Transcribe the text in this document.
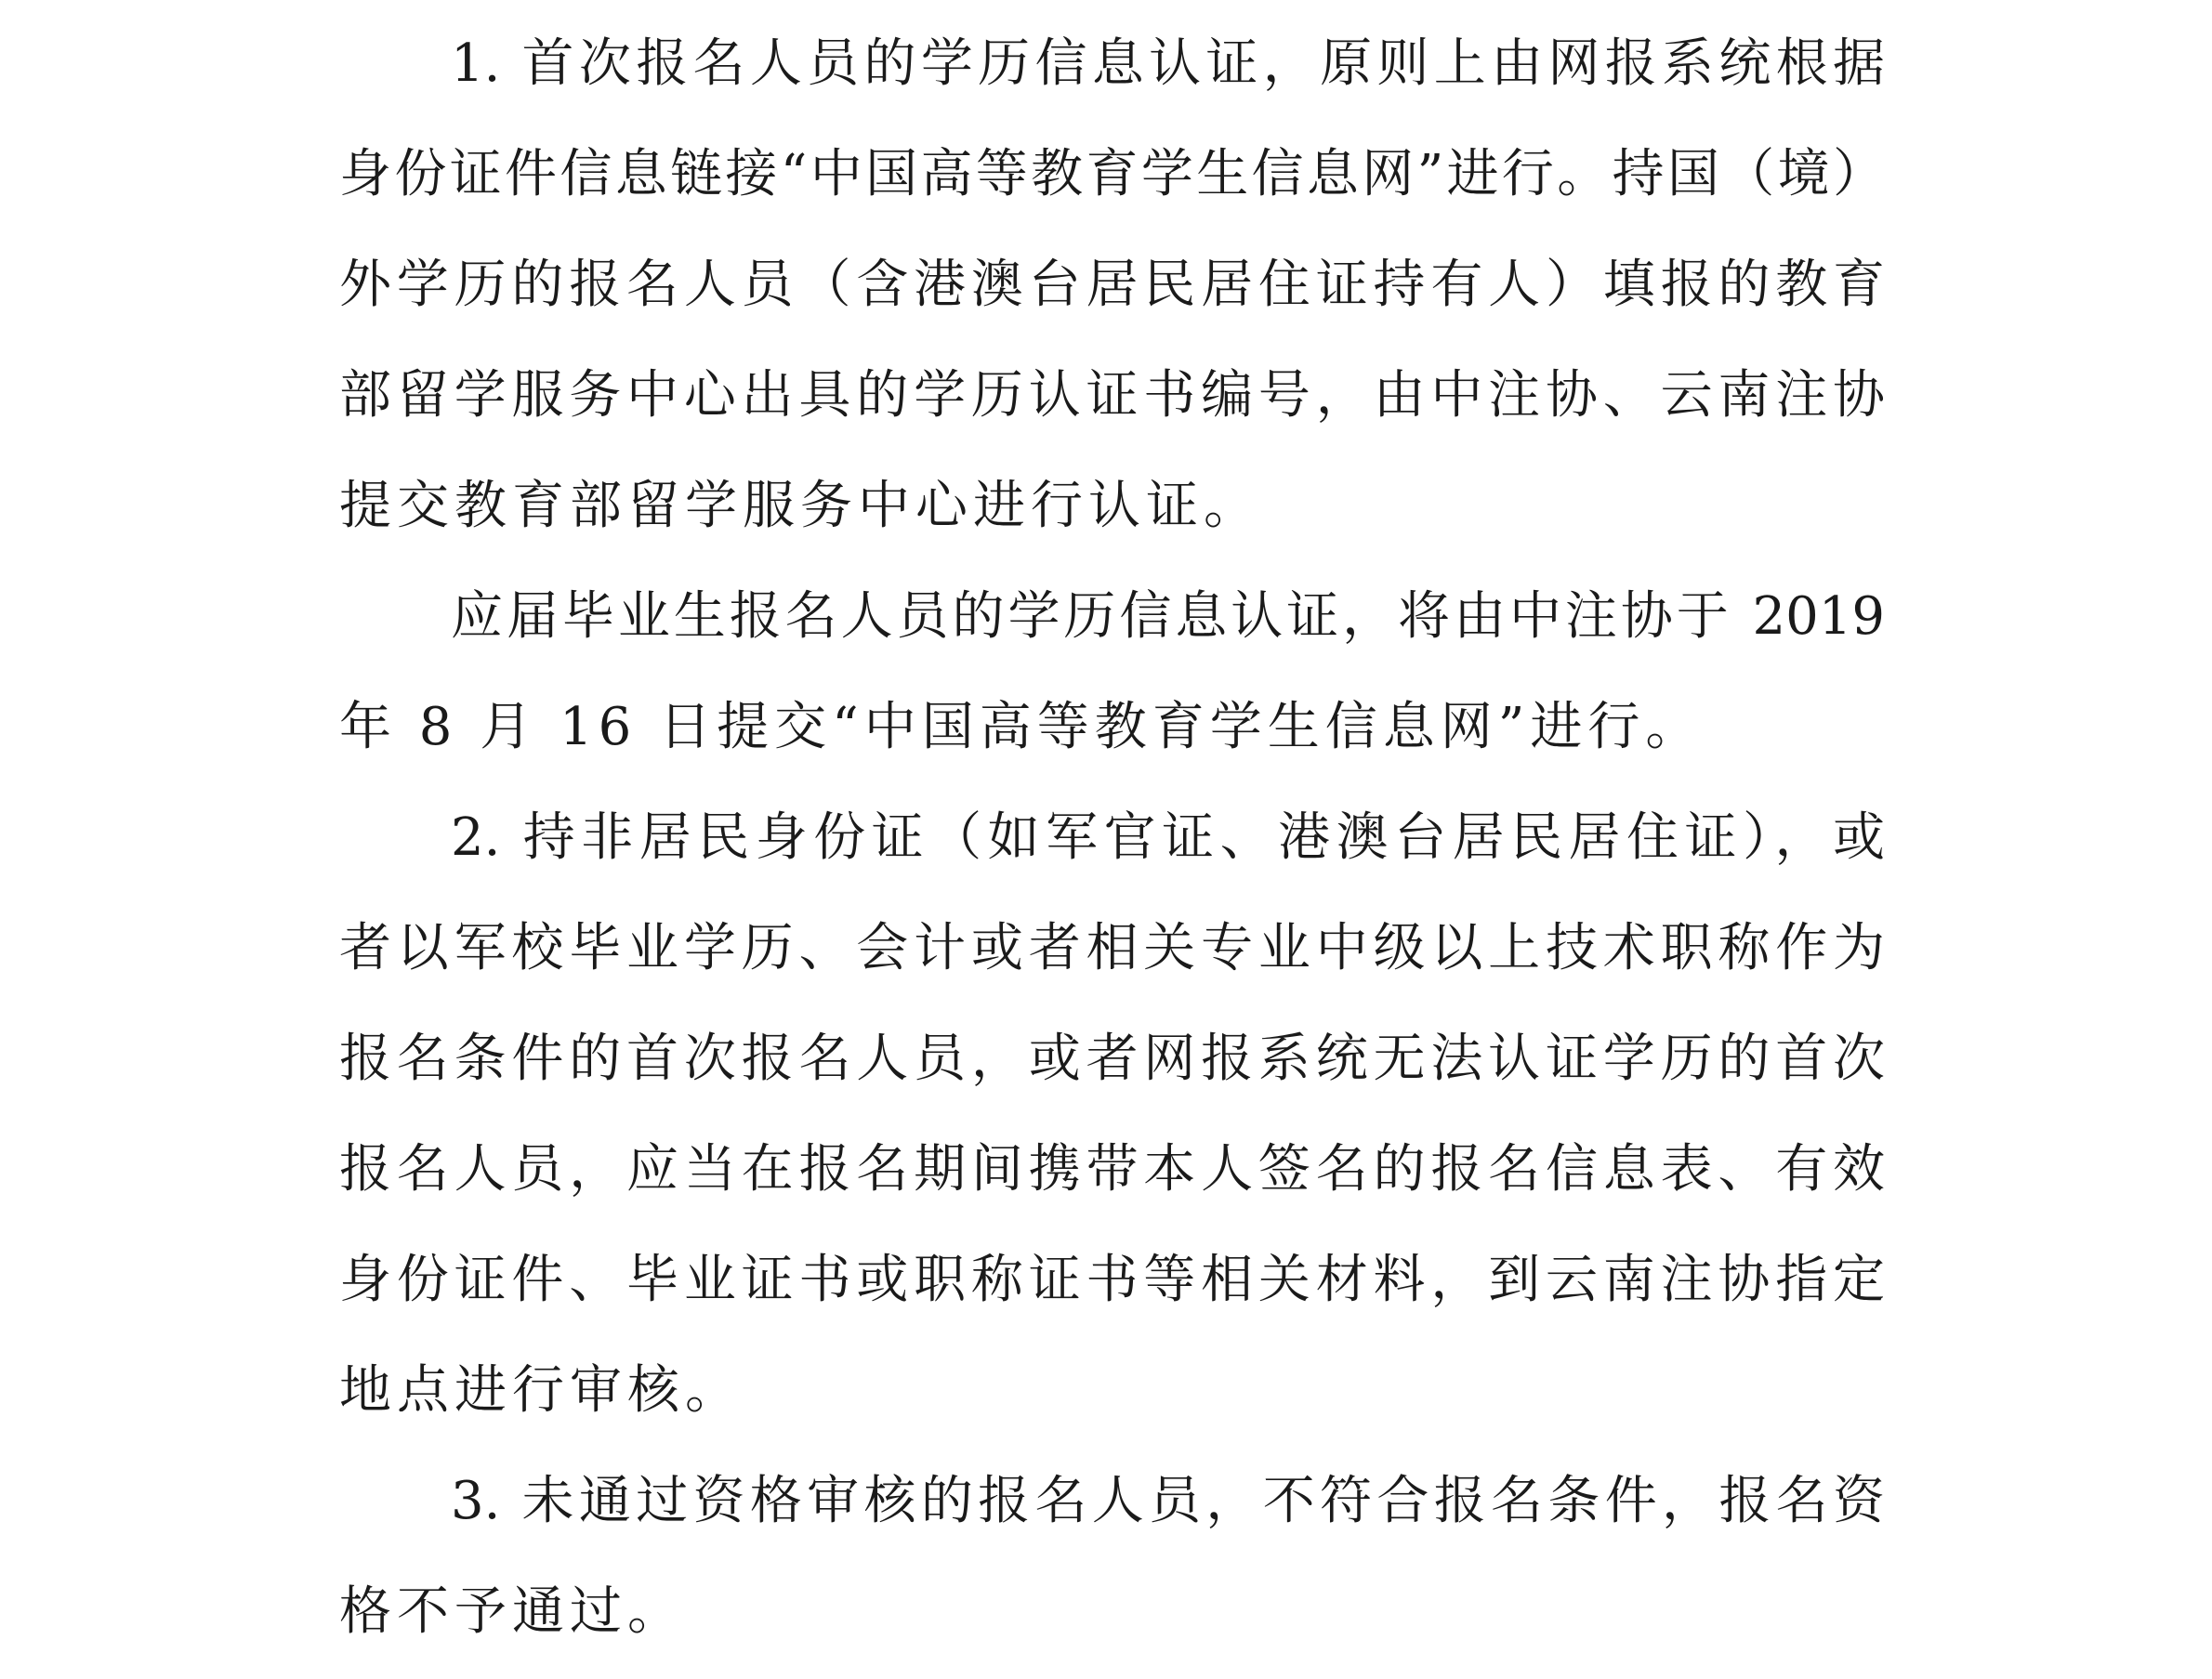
1. 首次报名人员的学历信息认证，原则上由网报系统根据
身份证件信息链接“中国高等教育学生信息网”进行。持国（境）
外学历的报名人员（含港澳台居民居住证持有人）填报的教育
部留学服务中心出具的学历认证书编号，由中注协、云南注协
提交教育部留学服务中心进行认证。
应届毕业生报名人员的学历信息认证，将由中注协于 2019
年 8 月 16 日提交“中国高等教育学生信息网”进行。
2. 持非居民身份证（如军官证、港澳台居民居住证），或
者以军校毕业学历、会计或者相关专业中级以上技术职称作为
报名条件的首次报名人员，或者网报系统无法认证学历的首次
报名人员，应当在报名期间携带本人签名的报名信息表、有效
身份证件、毕业证书或职称证书等相关材料，到云南注协指定
地点进行审核。
3. 未通过资格审核的报名人员，不符合报名条件，报名资
格不予通过。
